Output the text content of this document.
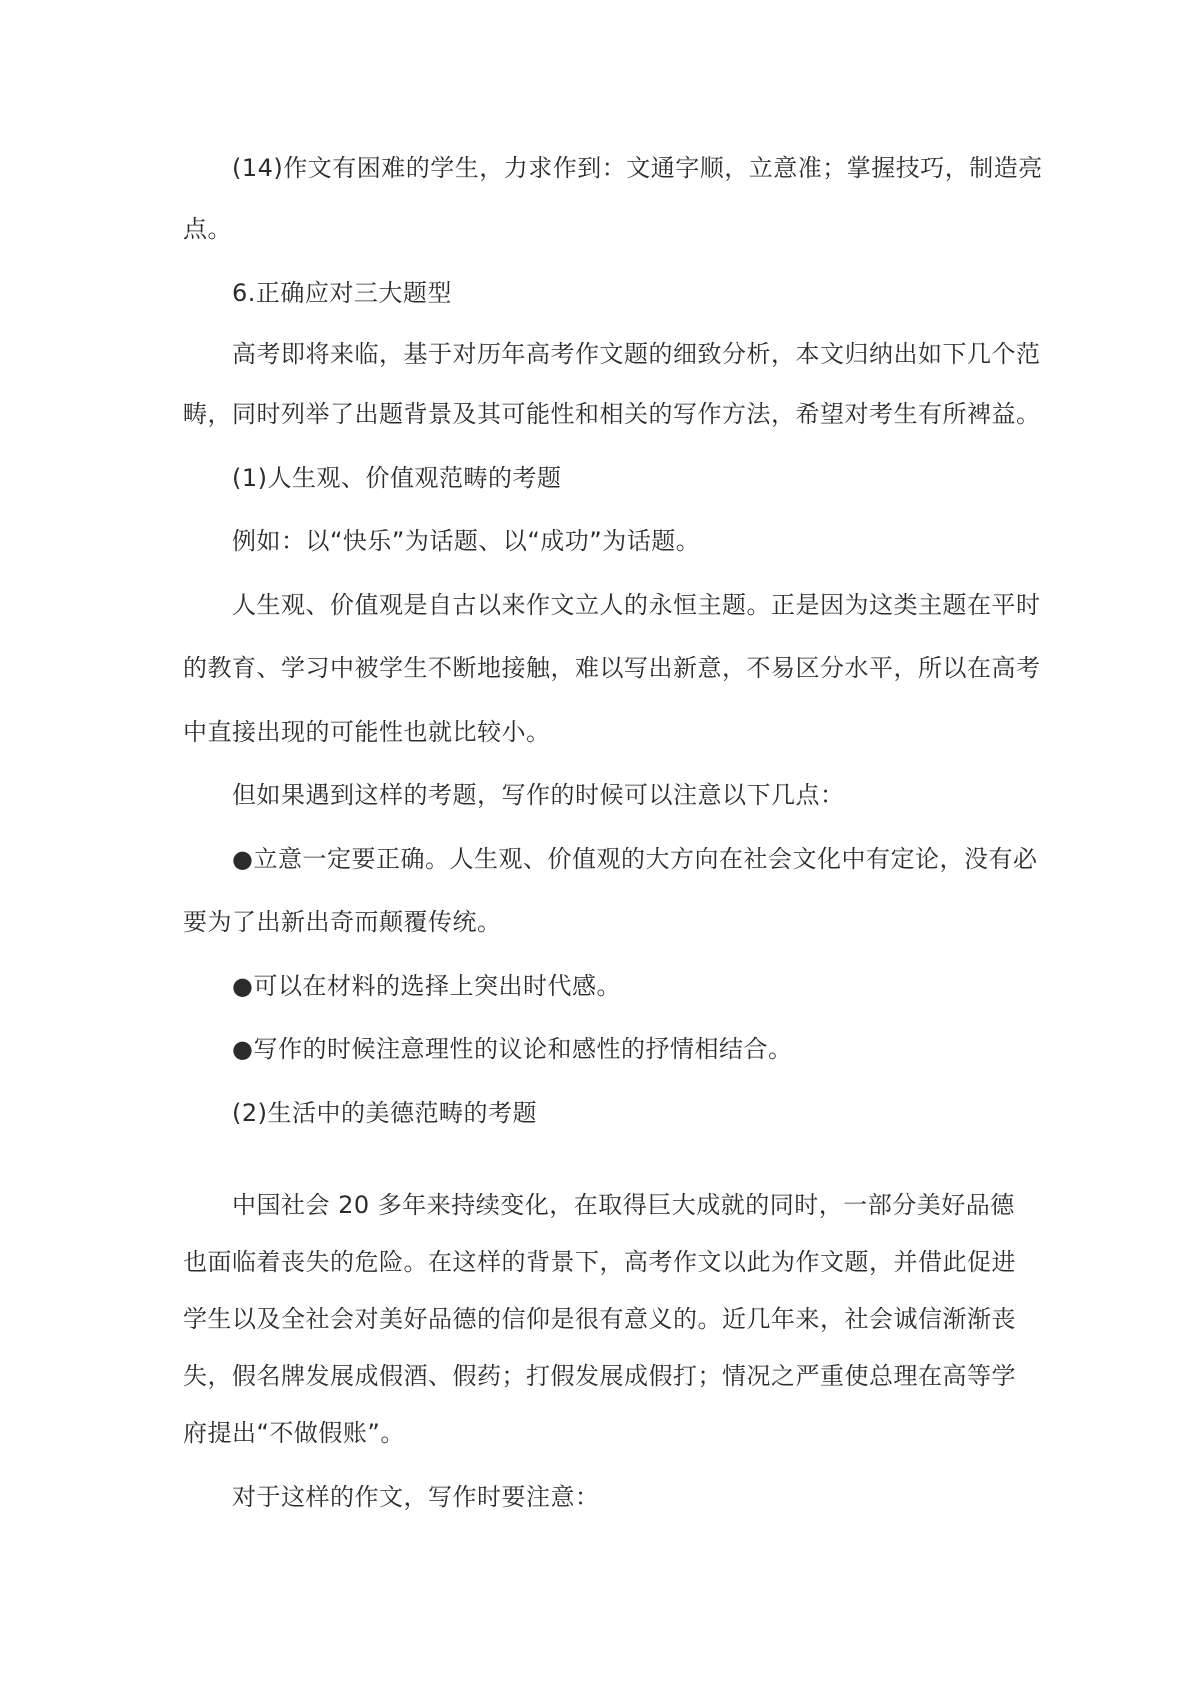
(14)作文有困难的学生，力求作到：文通字顺，立意准；掌握技巧，制造亮
点。
6.正确应对三大题型
高考即将来临，基于对历年高考作文题的细致分析，本文归纳出如下几个范
畴，同时列举了出题背景及其可能性和相关的写作方法，希望对考生有所裨益。
(1)人生观、价值观范畴的考题
例如：以“快乐”为话题、以“成功”为话题。
人生观、价值观是自古以来作文立人的永恒主题。正是因为这类主题在平时
的教育、学习中被学生不断地接触，难以写出新意，不易区分水平，所以在高考
中直接出现的可能性也就比较小。
但如果遇到这样的考题，写作的时候可以注意以下几点：
●立意一定要正确。人生观、价值观的大方向在社会文化中有定论，没有必
要为了出新出奇而颠覆传统。
●可以在材料的选择上突出时代感。
●写作的时候注意理性的议论和感性的抒情相结合。
(2)生活中的美德范畴的考题
中国社会 20 多年来持续变化，在取得巨大成就的同时，一部分美好品德
也面临着丧失的危险。在这样的背景下，高考作文以此为作文题，并借此促进
学生以及全社会对美好品德的信仰是很有意义的。近几年来，社会诚信渐渐丧
失，假名牌发展成假酒、假药；打假发展成假打；情况之严重使总理在高等学
府提出“不做假账”。
对于这样的作文，写作时要注意：
